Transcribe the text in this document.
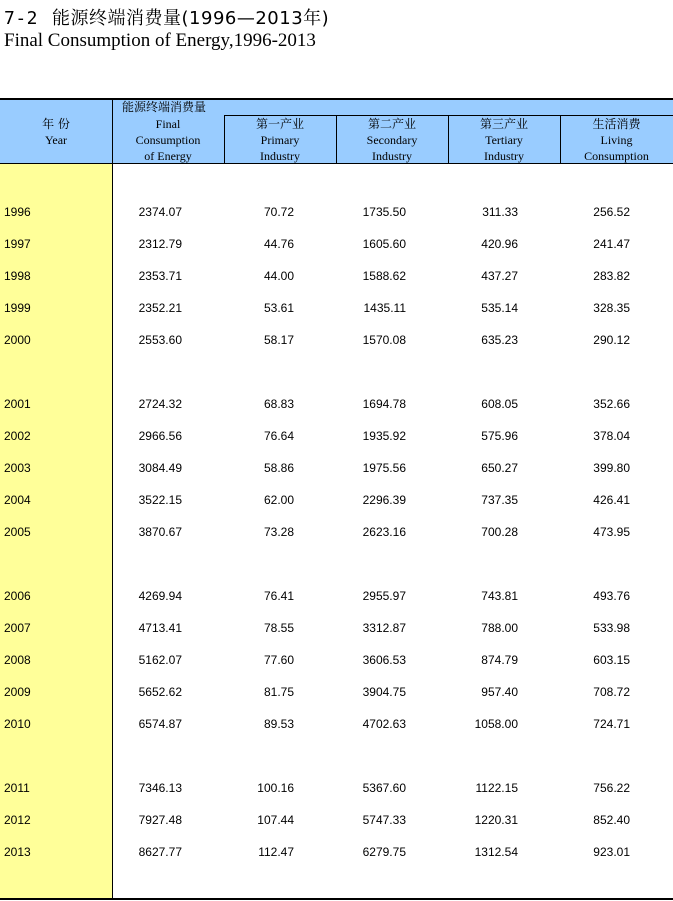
7-2 能源终端消费量(1996—2013年)
Final Consumption of Energy,1996-2013
年 份
Year
能源终端消费量
Final
Consumption
of Energy
第一产业
Primary
Industry
第二产业
Secondary
Industry
第三产业
Tertiary
Industry
生活消费
Living
Consumption
1996	2374.07	70.72	1735.50	311.33	256.52
1997	2312.79	44.76	1605.60	420.96	241.47
1998	2353.71	44.00	1588.62	437.27	283.82
1999	2352.21	53.61	1435.11	535.14	328.35
2000	2553.60	58.17	1570.08	635.23	290.12
2001	2724.32	68.83	1694.78	608.05	352.66
2002	2966.56	76.64	1935.92	575.96	378.04
2003	3084.49	58.86	1975.56	650.27	399.80
2004	3522.15	62.00	2296.39	737.35	426.41
2005	3870.67	73.28	2623.16	700.28	473.95
2006	4269.94	76.41	2955.97	743.81	493.76
2007	4713.41	78.55	3312.87	788.00	533.98
2008	5162.07	77.60	3606.53	874.79	603.15
2009	5652.62	81.75	3904.75	957.40	708.72
2010	6574.87	89.53	4702.63	1058.00	724.71
2011	7346.13	100.16	5367.60	1122.15	756.22
2012	7927.48	107.44	5747.33	1220.31	852.40
2013	8627.77	112.47	6279.75	1312.54	923.01
